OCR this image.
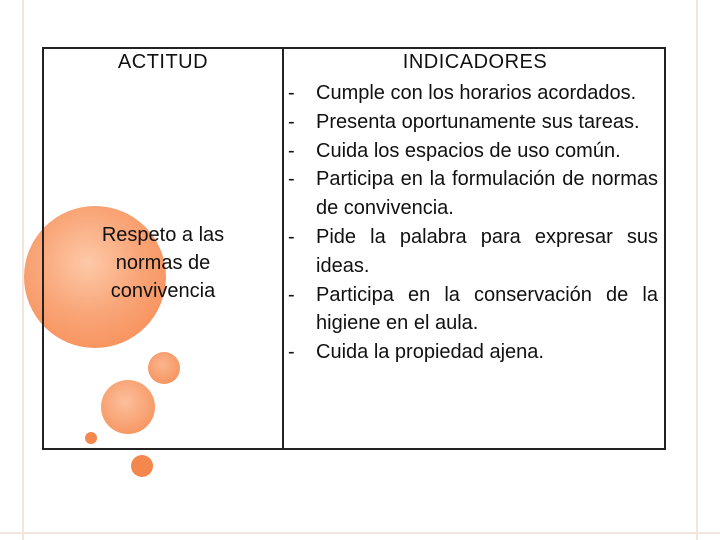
ACTITUD	INDICADORES
Respeto a las
normas de
convivencia
- Cumple con los horarios acordados.
- Presenta oportunamente sus tareas.
- Cuida los espacios de uso común.
- Participa en la formulación de normas de convivencia.
- Pide la palabra para expresar sus ideas.
- Participa en la conservación de la higiene en el aula.
- Cuida la propiedad ajena.
